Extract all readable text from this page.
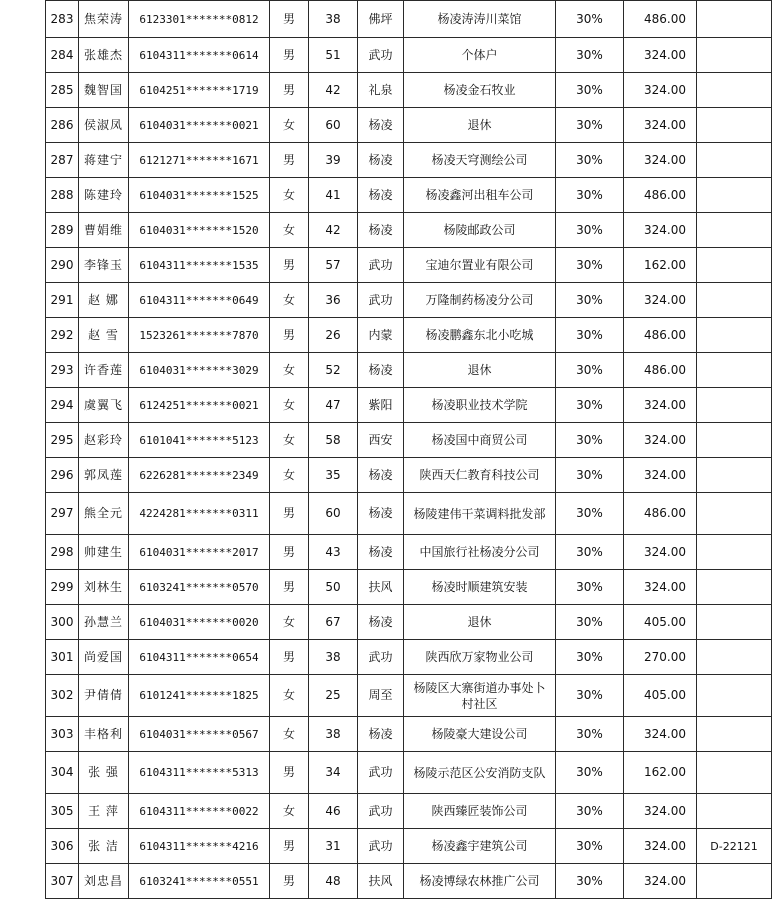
283	焦荣涛	6123301*******0812	男	38	佛坪	杨凌涛涛川菜馆	30%	486.00	
284	张雄杰	6104311*******0614	男	51	武功	个体户	30%	324.00	
285	魏智国	6104251*******1719	男	42	礼泉	杨凌金石牧业	30%	324.00	
286	侯淑凤	6104031*******0021	女	60	杨凌	退休	30%	324.00	
287	蒋建宁	6121271*******1671	男	39	杨凌	杨凌天穹测绘公司	30%	324.00	
288	陈建玲	6104031*******1525	女	41	杨凌	杨凌鑫河出租车公司	30%	486.00	
289	曹娟维	6104031*******1520	女	42	杨凌	杨陵邮政公司	30%	324.00	
290	李锋玉	6104311*******1535	男	57	武功	宝迪尔置业有限公司	30%	162.00	
291	赵 娜	6104311*******0649	女	36	武功	万隆制药杨凌分公司	30%	324.00	
292	赵 雪	1523261*******7870	男	26	内蒙	杨凌鹏鑫东北小吃城	30%	486.00	
293	许香莲	6104031*******3029	女	52	杨凌	退休	30%	486.00	
294	虞翼飞	6124251*******0021	女	47	紫阳	杨凌职业技术学院	30%	324.00	
295	赵彩玲	6101041*******5123	女	58	西安	杨凌国中商贸公司	30%	324.00	
296	郭凤莲	6226281*******2349	女	35	杨凌	陕西天仁教育科技公司	30%	324.00	
297	熊全元	4224281*******0311	男	60	杨凌	杨陵建伟干菜调料批发部	30%	486.00	
298	帅建生	6104031*******2017	男	43	杨凌	中国旅行社杨凌分公司	30%	324.00	
299	刘林生	6103241*******0570	男	50	扶风	杨凌时顺建筑安装	30%	324.00	
300	孙慧兰	6104031*******0020	女	67	杨凌	退休	30%	405.00	
301	尚爱国	6104311*******0654	男	38	武功	陕西欣万家物业公司	30%	270.00	
302	尹倩倩	6101241*******1825	女	25	周至	杨陵区大寨街道办事处卜村社区	30%	405.00	
303	丰格利	6104031*******0567	女	38	杨凌	杨陵豪大建设公司	30%	324.00	
304	张 强	6104311*******5313	男	34	武功	杨陵示范区公安消防支队	30%	162.00	
305	王 萍	6104311*******0022	女	46	武功	陕西臻匠装饰公司	30%	324.00	
306	张 洁	6104311*******4216	男	31	武功	杨凌鑫宇建筑公司	30%	324.00	D-22121
307	刘忠昌	6103241*******0551	男	48	扶风	杨凌博绿农林推广公司	30%	324.00	
